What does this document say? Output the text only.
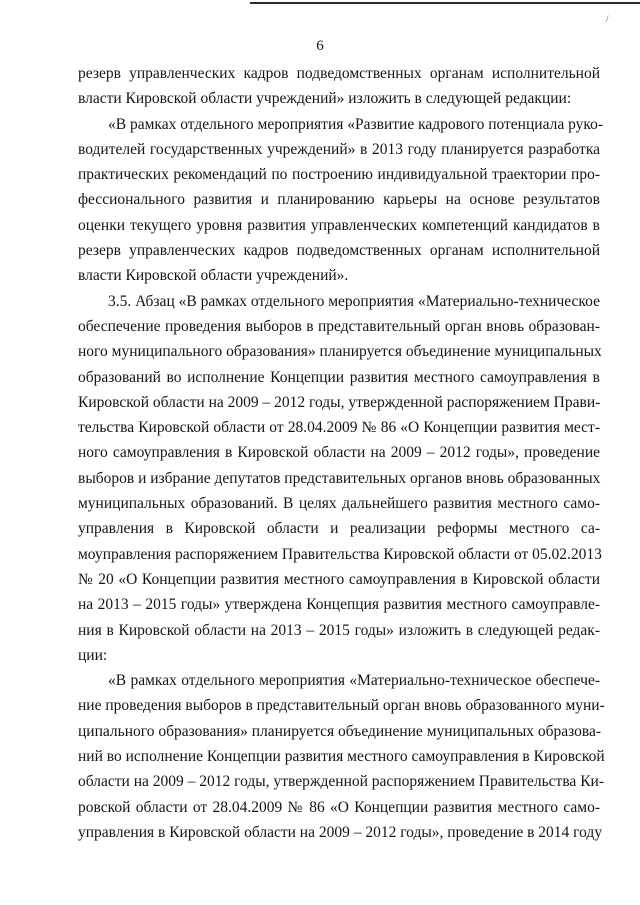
/
6
резерв управленческих кадров подведомственных органам исполнительной
власти Кировской области учреждений» изложить в следующей редакции:
«В рамках отдельного мероприятия «Развитие кадрового потенциала руко-
водителей государственных учреждений» в 2013 году планируется разработка
практических рекомендаций по построению индивидуальной траектории про-
фессионального развития и планированию карьеры на основе результатов
оценки текущего уровня развития управленческих компетенций кандидатов в
резерв управленческих кадров подведомственных органам исполнительной
власти Кировской области учреждений».
3.5. Абзац «В рамках отдельного мероприятия «Материально-техническое
обеспечение проведения выборов в представительный орган вновь образован-
ного муниципального образования» планируется объединение муниципальных
образований во исполнение Концепции развития местного самоуправления в
Кировской области на 2009 – 2012 годы, утвержденной распоряжением Прави-
тельства Кировской области от 28.04.2009 № 86 «О Концепции развития мест-
ного самоуправления в Кировской области на 2009 – 2012 годы», проведение
выборов и избрание депутатов представительных органов вновь образованных
муниципальных образований. В целях дальнейшего развития местного само-
управления в Кировской области и реализации реформы местного са-
моуправления распоряжением Правительства Кировской области от 05.02.2013
№ 20 «О Концепции развития местного самоуправления в Кировской области
на 2013 – 2015 годы» утверждена Концепция развития местного самоуправле-
ния в Кировской области на 2013 – 2015 годы» изложить в следующей редак-
ции:
«В рамках отдельного мероприятия «Материально-техническое обеспече-
ние проведения выборов в представительный орган вновь образованного муни-
ципального образования» планируется объединение муниципальных образова-
ний во исполнение Концепции развития местного самоуправления в Кировской
области на 2009 – 2012 годы, утвержденной распоряжением Правительства Ки-
ровской области от 28.04.2009 № 86 «О Концепции развития местного само-
управления в Кировской области на 2009 – 2012 годы», проведение в 2014 году
